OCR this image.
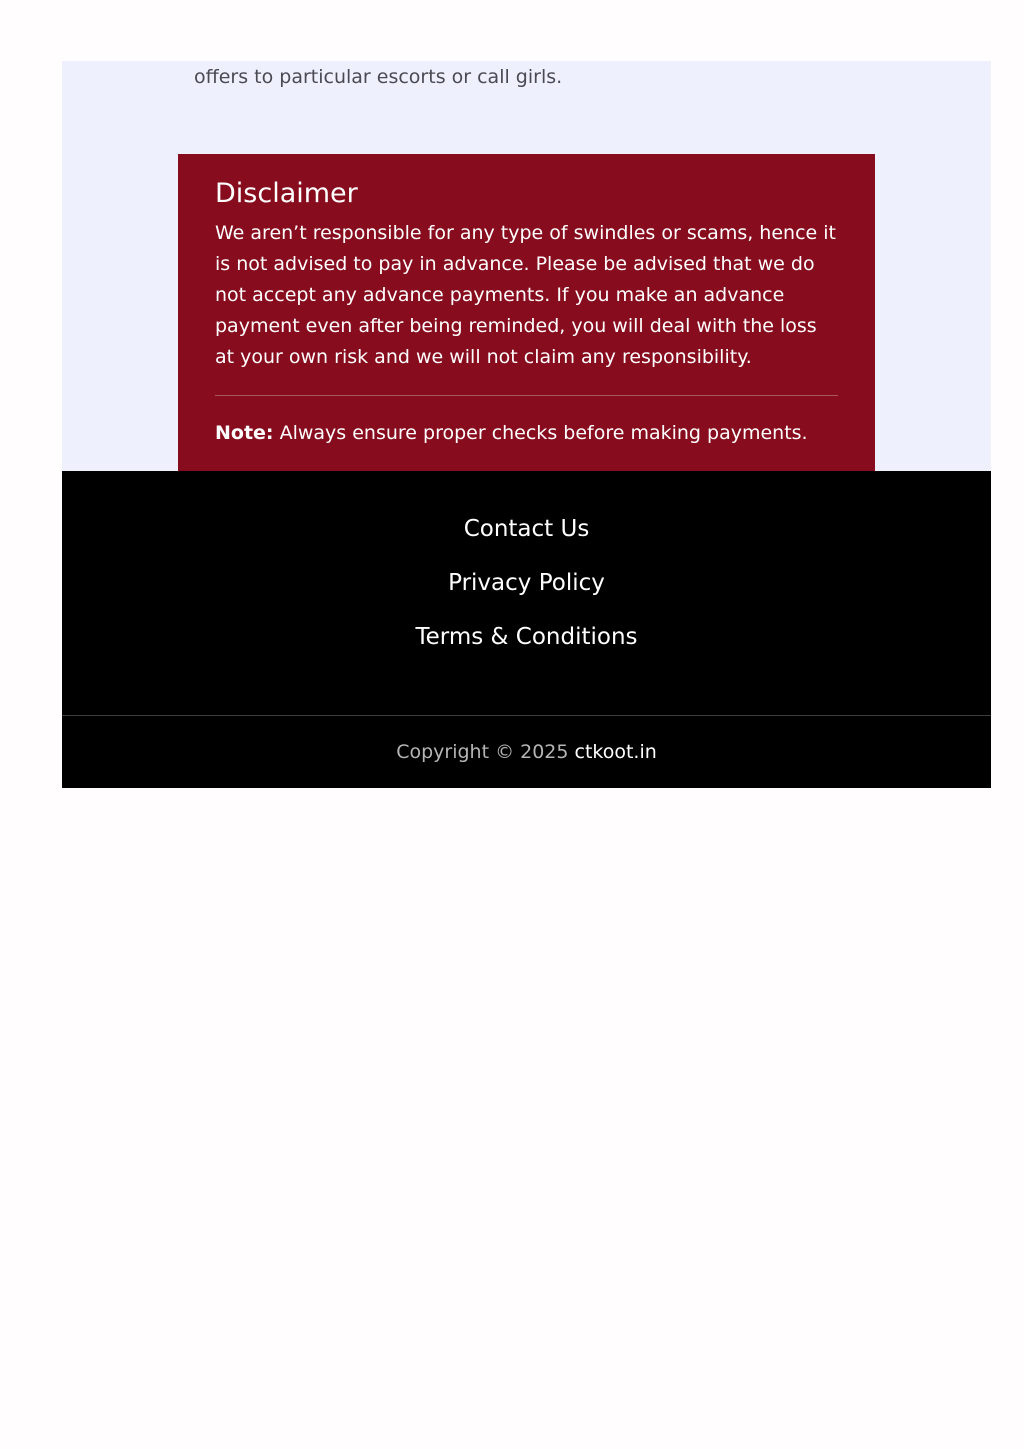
offers to particular escorts or call girls.

Disclaimer

We aren’t responsible for any type of swindles or scams, hence it is not advised to pay in advance. Please be advised that we do not accept any advance payments. If you make an advance payment even after being reminded, you will deal with the loss at your own risk and we will not claim any responsibility.

Note: Always ensure proper checks before making payments.

Contact Us
Privacy Policy
Terms & Conditions
Copyright © 2025 ctkoot.in
